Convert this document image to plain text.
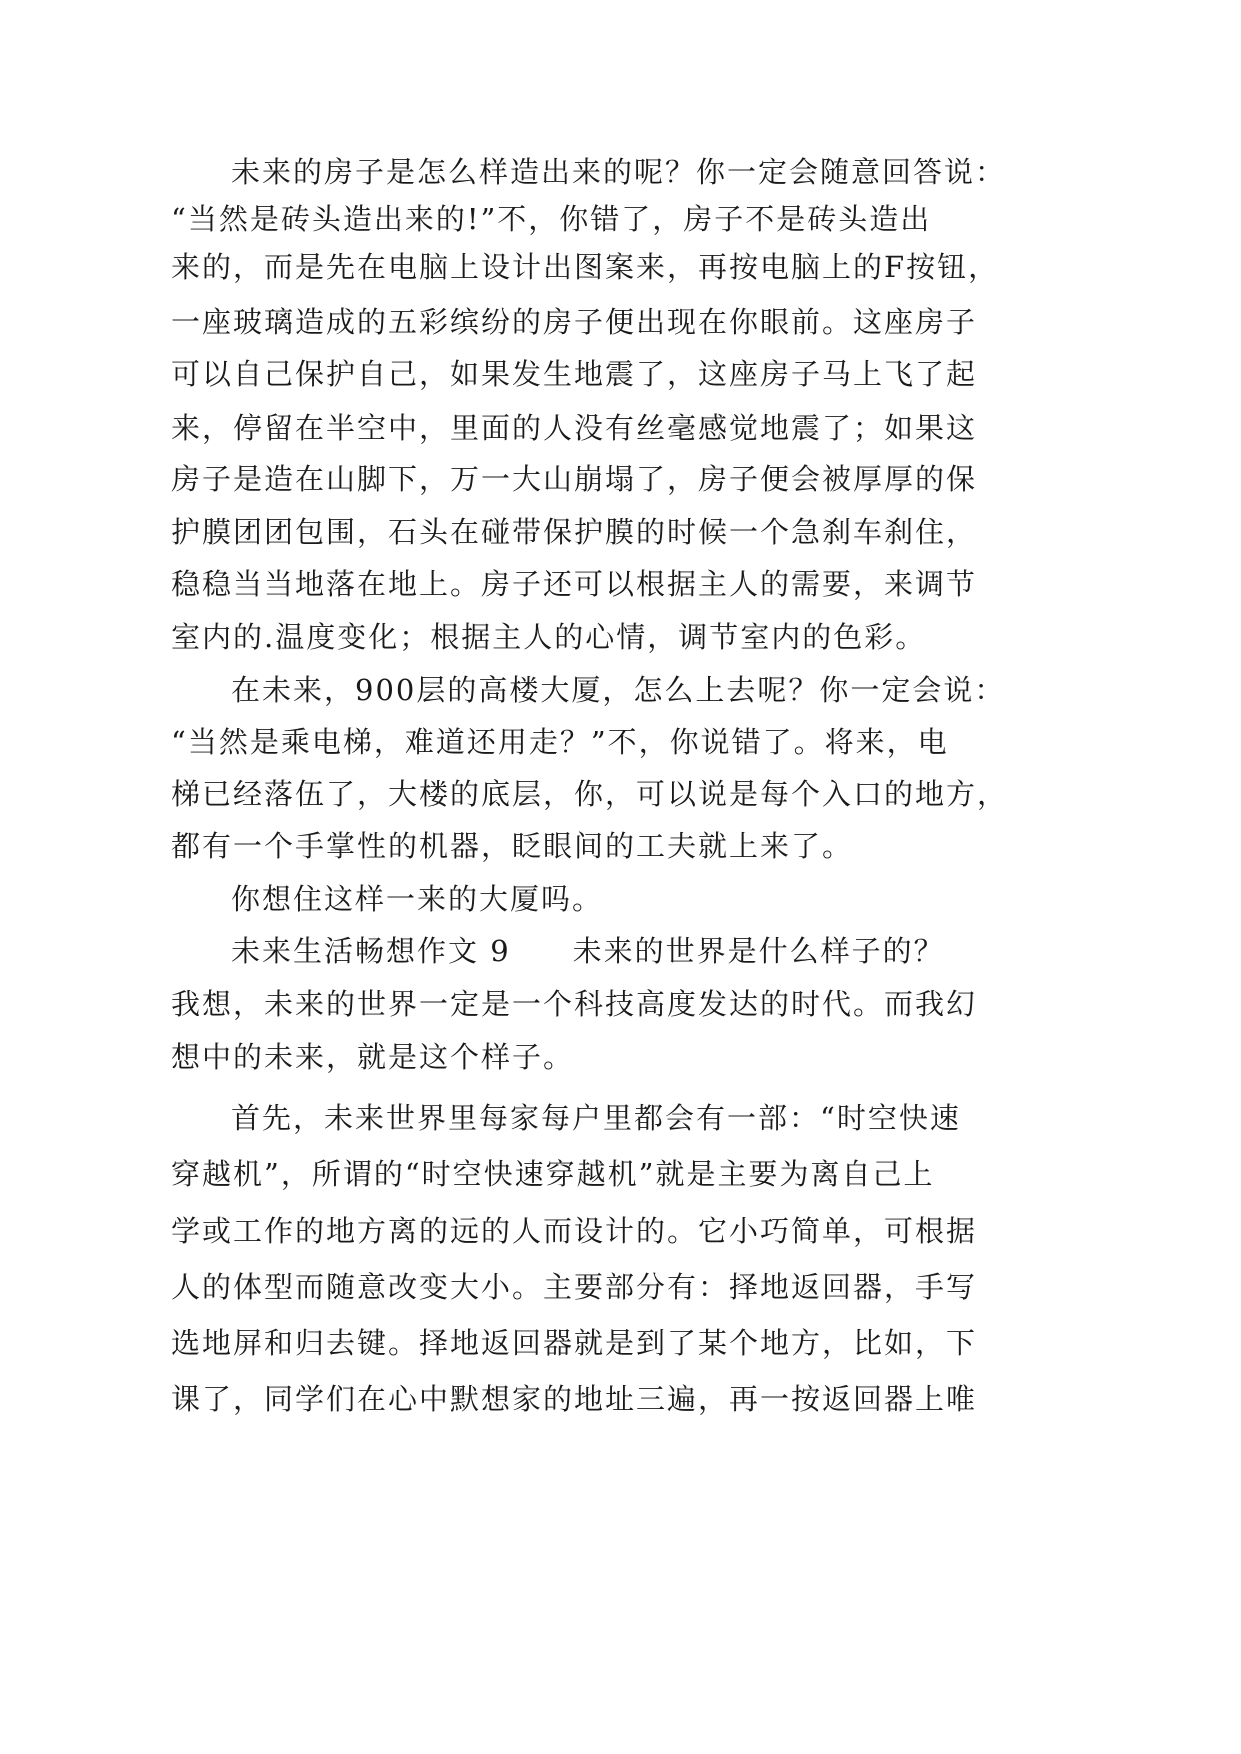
未来的房子是怎么样造出来的呢？你一定会随意回答说：
“当然是砖头造出来的!”不，你错了，房子不是砖头造出
来的，而是先在电脑上设计出图案来，再按电脑上的F按钮，
一座玻璃造成的五彩缤纷的房子便出现在你眼前。这座房子
可以自己保护自己，如果发生地震了，这座房子马上飞了起
来，停留在半空中，里面的人没有丝毫感觉地震了；如果这
房子是造在山脚下，万一大山崩塌了，房子便会被厚厚的保
护膜团团包围，石头在碰带保护膜的时候一个急刹车刹住，
稳稳当当地落在地上。房子还可以根据主人的需要，来调节
室内的.温度变化；根据主人的心情，调节室内的色彩。
在未来，900层的高楼大厦，怎么上去呢？你一定会说：
“当然是乘电梯，难道还用走？”不，你说错了。将来，电
梯已经落伍了，大楼的底层，你，可以说是每个入口的地方，
都有一个手掌性的机器，眨眼间的工夫就上来了。
你想住这样一来的大厦吗。
未来生活畅想作文 9　　未来的世界是什么样子的？
我想，未来的世界一定是一个科技高度发达的时代。而我幻
想中的未来，就是这个样子。
首先，未来世界里每家每户里都会有一部：“时空快速
穿越机”，所谓的“时空快速穿越机”就是主要为离自己上
学或工作的地方离的远的人而设计的。它小巧简单，可根据
人的体型而随意改变大小。主要部分有：择地返回器，手写
选地屏和归去键。择地返回器就是到了某个地方，比如，下
课了，同学们在心中默想家的地址三遍，再一按返回器上唯
